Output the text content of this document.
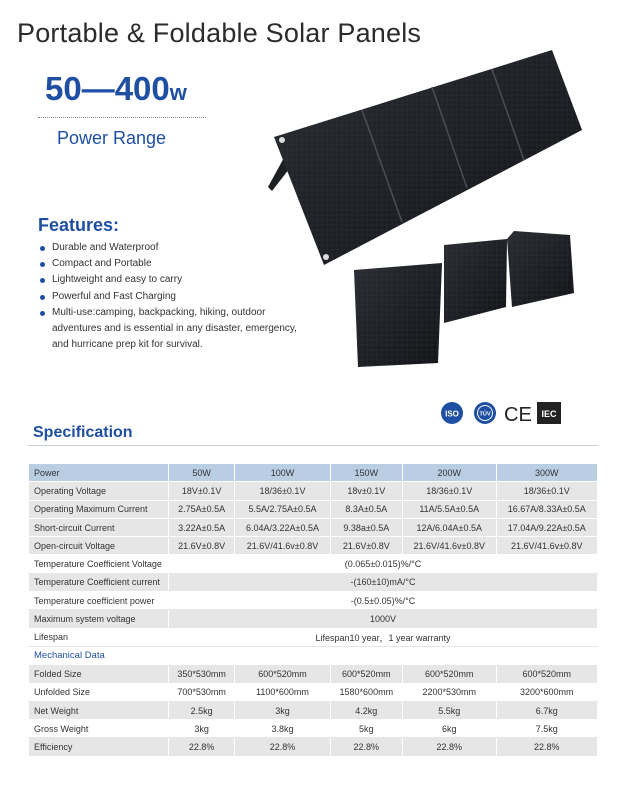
Portable & Foldable Solar Panels
50—400w
Power Range
Features:
Durable and Waterproof
Compact and Portable
Lightweight and easy to carry
Powerful and Fast Charging
Multi-use:camping, backpacking, hiking, outdoor adventures and is essential in any disaster, emergency, and hurricane prep kit for survival.
ISO	TÜV CE IEC
Specification
Power	50W	100W	150W	200W	300W
Operating Voltage	18V±0.1V	18/36±0.1V	18v±0.1V	18/36±0.1V	18/36±0.1V
Operating Maximum Current	2.75A±0.5A	5.5A/2.75A±0.5A	8.3A±0.5A	11A/5.5A±0.5A	16.67A/8.33A±0.5A
Short-circuit Current	3.22A±0.5A	6.04A/3.22A±0.5A	9.38a±0.5A	12A/6.04A±0.5A	17.04A/9.22A±0.5A
Open-circuit Voltage	21.6V±0.8V	21.6V/41.6v±0.8V	21.6V±0.8V	21.6V/41.6v±0.8V	21.6V/41.6v±0.8V
Temperature Coefficient Voltage	(0.065±0.015)%/°C				
Temperature Coefficient current	-(160±10)mA/°C				
Temperature coefficient power	-(0.5±0.05)%/°C				
Maximum system voltage	1000V				
Lifespan	Lifespan10 year，1 year warranty				
Mechanical Data					
Folded Size	350*530mm	600*520mm	600*520mm	600*520mm	600*520mm
Unfolded Size	700*530mm	1100*600mm	1580*600mm	2200*530mm	3200*600mm
Net Weight	2.5kg	3kg	4.2kg	5.5kg	6.7kg
Gross Weight	3kg	3.8kg	5kg	6kg	7.5kg
Efficiency	22.8%	22.8%	22.8%	22.8%	22.8%
